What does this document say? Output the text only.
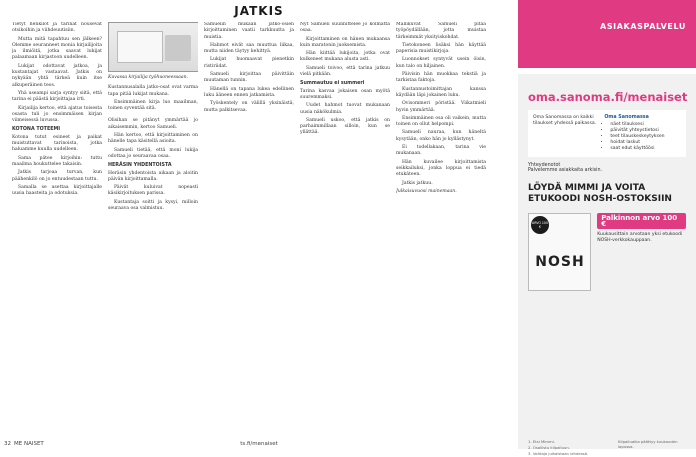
JATKIS

Tietyt henkilöt ja tarinat nousevat otsikoihin ja viihdeuutisiin.

Mutta mitä tapahtuu sen jälkeen? Olemme seuranneet monia kirjailijoita ja ilmiöitä, jotka saavat lukijat palaamaan kirjastoon uudelleen.

Lukijat odottavat jatkoa, ja kustantajat vastaavat. Jatkis on nykyään yhtä tärkeä kuin itse alkuperäinen teos.

Yhä useampi sarja syntyy siitä, että tarina ei päästä kirjoittajaa irti.

Kirjailija kertoo, että ajatus toisesta osasta tuli jo ensimmäisen kirjan viimeisessä luvussa.

KOTONA TOTEEMI

Kotona tutut esineet ja paikat muistuttavat tarinoista, jotka haluamme kuulla uudelleen.

Sama pätee kirjoihin: tuttu maailma houkuttelee takaisin.

Jatkis tarjoaa turvan, kun päähenkilö on jo entuudestaan tuttu.

Samalla se asettaa kirjoittajalle uusia haasteita ja odotuksia.

Kuvassa kirjailija työhuoneessaan.

Kustannusalalla jatko-osat ovat varma tapa pitää lukijat mukana.

Ensimmäinen kirja luo maailman, toinen syventää sitä.

Olisihan se pitänyt ymmärtää jo aikaisemmin, kertoo Samueli.

Hän kertoo, että kirjoittaminen on hänelle tapa käsitellä asioita.

Samueli tietää, että moni lukija odottaa jo seuraavaa osaa.

HERÄSIN YHDENTOISTA

Heräsin yhdentoista aikaan ja aloitin päivän kirjoittamalla.

Päivät kuluivat nopeasti käsikirjoituksen parissa.

Kustantaja soitti ja kysyi, milloin seuraava osa valmistuu.

Samuelin mukaan jatko-osien kirjoittaminen vaatii tarkkuutta ja muistia.

Hahmot eivät saa muuttua liikaa, mutta niiden täytyy kehittyä.

Lukijat huomaavat pienetkin ristiriidat.

Samueli kirjoittaa päivittäin muutaman tunnin.

Hänellä on tapana lukea edellinen luku ääneen ennen jatkamista.

Työskentely on välillä yksinäistä, mutta palkitsevaa.

Nyt Samueli suunnittelee jo kolmatta osaa.

Kirjoittaminen on hänen mukaansa kuin maratonin juoksemista.

Hän kiittää lukijoita, jotka ovat kulkeneet mukana alusta asti.

Samueli toivoo, että tarina jatkuu vielä pitkään.

Summautuu ei summeri

Tarina kasvaa jokaisen osan myötä suuremmaksi.

Uudet hahmot tuovat mukanaan uusia näkökulmia.

Samueli uskoo, että jatkis on parhaimmillaan silloin, kun se yllättää.

Mallikuvat Samueli pitää työpöydällään, jotta muistaa tärkeimmät yksityiskohdat.

Tietokoneen lisäksi hän käyttää paperisia muistikirjoja.

Luonnokset syntyvät usein öisin, kun talo on hiljainen.

Päivisin hän muokkaa tekstiä ja tarkistaa faktoja.

Kustannustoimittajan kanssa käydään läpi jokainen luku.

Ovisommeri pöristää. Viikatmieli hyvin ymmärtää.

Ensimmäinen osa oli vaikein, mutta toinen on ollut helpompi.

Samueli nauraa, kun häneltä kysytään, onko hän jo kyllästynyt.

Ei todellakaan, tarina vie mukanaan.

Hän kuvailee kirjoittamista seikkailuksi, jonka loppua ei tiedä etukäteen.

Jatkis jatkuu.

Julkaisuvuosi mainemaan.

32 ME NAISET	ts.fi/menaiset
ASIAKASPALVELU
oma.sanoma.fi/menaiset
Oma Sanomassa on kaikki tilaukset yhdessä paikassa.
Oma Sanomassa
• näet tilauksesi
• päivität yhteystietosi
• teet tilauskeskeytyksen
• hoidat laskut
• saat edut käyttöösi
Yhteydenotot
Palvelemme asiakkaita arkisin.
LÖYDÄ MIMMI JA VOITA ETUKOODI NOSH-OSTOKSIIN
ARVO 100 €
NOSH
Palkinnon arvo 100 €
Kuukausittain arvotaan yksi etukoodi NOSH-verkkokauppaan.

1. Etsi Mimmi.

2. Osallistu kilpailuun.

3. Voittaja julkaistaan lehdessä.

Kilpailuaika päättyy kuukauden lopussa.
